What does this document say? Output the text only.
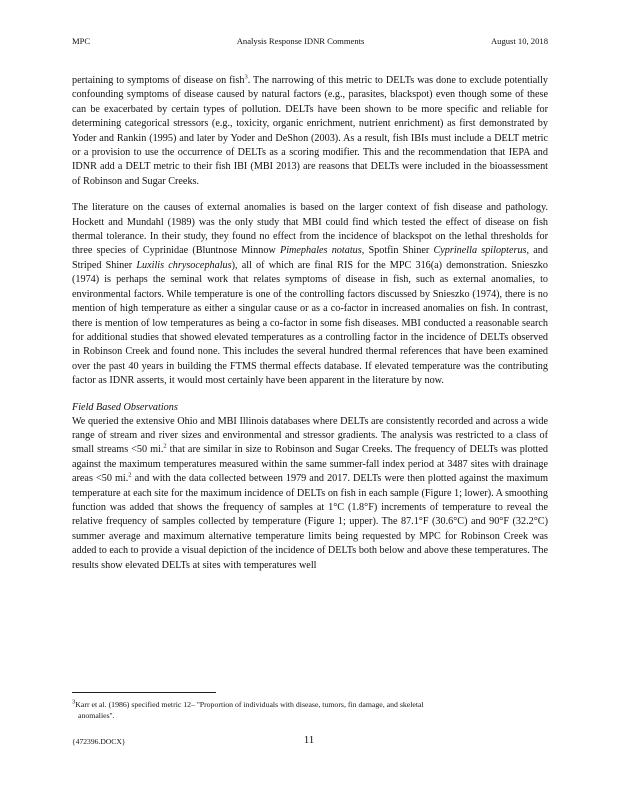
MPC	Analysis Response IDNR Comments	August 10, 2018

pertaining to symptoms of disease on fish$^3$. The narrowing of this metric to DELTs was done to exclude potentially confounding symptoms of disease caused by natural factors (e.g., parasites, blackspot) even though some of these can be exacerbated by certain types of pollution. DELTs have been shown to be more specific and reliable for determining categorical stressors (e.g., toxicity, organic enrichment, nutrient enrichment) as first demonstrated by Yoder and Rankin (1995) and later by Yoder and DeShon (2003). As a result, fish IBIs must include a DELT metric or a provision to use the occurrence of DELTs as a scoring modifier. This and the recommendation that IEPA and IDNR add a DELT metric to their fish IBI (MBI 2013) are reasons that DELTs were included in the bioassessment of Robinson and Sugar Creeks.

The literature on the causes of external anomalies is based on the larger context of fish disease and pathology. Hockett and Mundahl (1989) was the only study that MBI could find which tested the effect of disease on fish thermal tolerance. In their study, they found no effect from the incidence of blackspot on the lethal thresholds for three species of Cyprinidae (Bluntnose Minnow Pimephales notatus, Spotfin Shiner Cyprinella spilopterus, and Striped Shiner Luxilis chrysocephalus), all of which are final RIS for the MPC 316(a) demonstration. Snieszko (1974) is perhaps the seminal work that relates symptoms of disease in fish, such as external anomalies, to environmental factors. While temperature is one of the controlling factors discussed by Snieszko (1974), there is no mention of high temperature as either a singular cause or as a co-factor in increased anomalies on fish. In contrast, there is mention of low temperatures as being a co-factor in some fish diseases. MBI conducted a reasonable search for additional studies that showed elevated temperatures as a controlling factor in the incidence of DELTs observed in Robinson Creek and found none. This includes the several hundred thermal references that have been examined over the past 40 years in building the FTMS thermal effects database. If elevated temperature was the contributing factor as IDNR asserts, it would most certainly have been apparent in the literature by now.

Field Based Observations

We queried the extensive Ohio and MBI Illinois databases where DELTs are consistently recorded and across a wide range of stream and river sizes and environmental and stressor gradients. The analysis was restricted to a class of small streams <50 mi.$^2$ that are similar in size to Robinson and Sugar Creeks. The frequency of DELTs was plotted against the maximum temperatures measured within the same summer-fall index period at 3487 sites with drainage areas <50 mi.$^2$ and with the data collected between 1979 and 2017. DELTs were then plotted against the maximum temperature at each site for the maximum incidence of DELTs on fish in each sample (Figure 1; lower). A smoothing function was added that shows the frequency of samples at 1°C (1.8°F) increments of temperature to reveal the relative frequency of samples collected by temperature (Figure 1; upper). The 87.1°F (30.6°C) and 90°F (32.2°C) summer average and maximum alternative temperature limits being requested by MPC for Robinson Creek was added to each to provide a visual depiction of the incidence of DELTs both below and above these temperatures. The results show elevated DELTs at sites with temperatures well

$^3$Karr et al. (1986) specified metric 12– ''Proportion of individuals with disease, tumors, fin damage, and skeletal
anomalies''.
{472396.DOCX}	11
